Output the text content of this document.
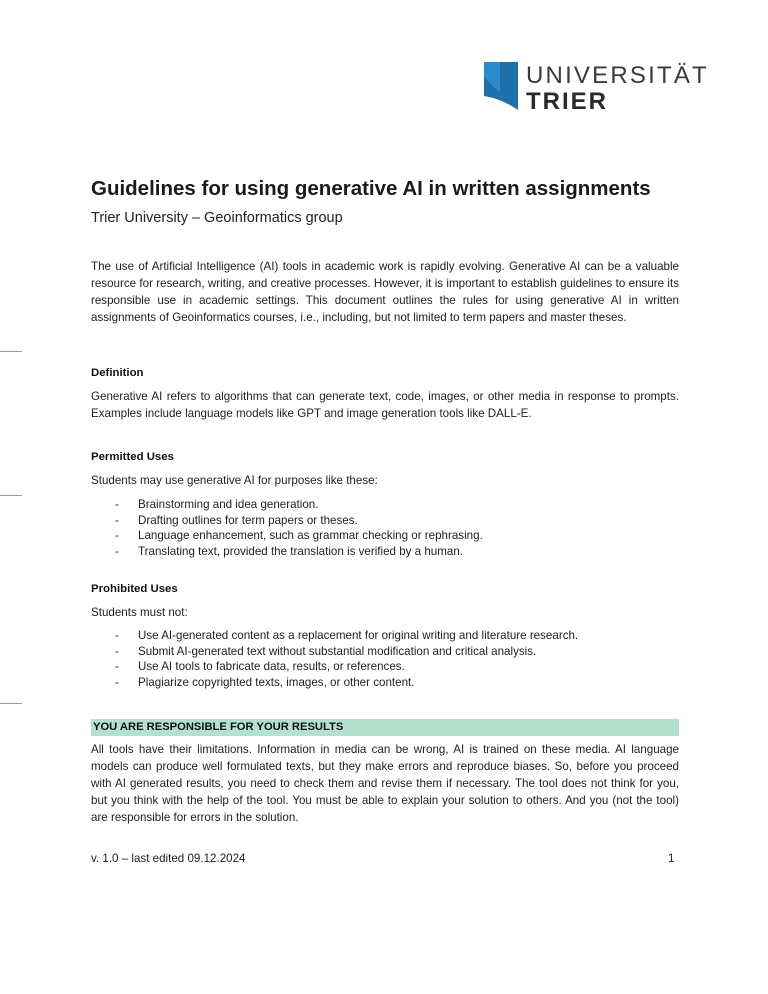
UNIVERSITÄT
TRIER
Guidelines for using generative AI in written assignments
Trier University – Geoinformatics group

The use of Artificial Intelligence (AI) tools in academic work is rapidly evolving. Generative AI can be a valuable resource for research, writing, and creative processes. However, it is important to establish guidelines to ensure its responsible use in academic settings. This document outlines the rules for using generative AI in written assignments of Geoinformatics courses, i.e., including, but not limited to term papers and master theses.

Definition

Generative AI refers to algorithms that can generate text, code, images, or other media in response to prompts. Examples include language models like GPT and image generation tools like DALL-E.

Permitted Uses

Students may use generative AI for purposes like these:

- Brainstorming and idea generation.
- Drafting outlines for term papers or theses.
- Language enhancement, such as grammar checking or rephrasing.
- Translating text, provided the translation is verified by a human.
Prohibited Uses

Students must not:

- Use AI-generated content as a replacement for original writing and literature research.
- Submit AI-generated text without substantial modification and critical analysis.
- Use AI tools to fabricate data, results, or references.
- Plagiarize copyrighted texts, images, or other content.
YOU ARE RESPONSIBLE FOR YOUR RESULTS

All tools have their limitations. Information in media can be wrong, AI is trained on these media. AI language models can produce well formulated texts, but they make errors and reproduce biases. So, before you proceed with AI generated results, you need to check them and revise them if necessary. The tool does not think for you, but you think with the help of the tool. You must be able to explain your solution to others. And you (not the tool) are responsible for errors in the solution.

v. 1.0 – last edited 09.12.2024	1
